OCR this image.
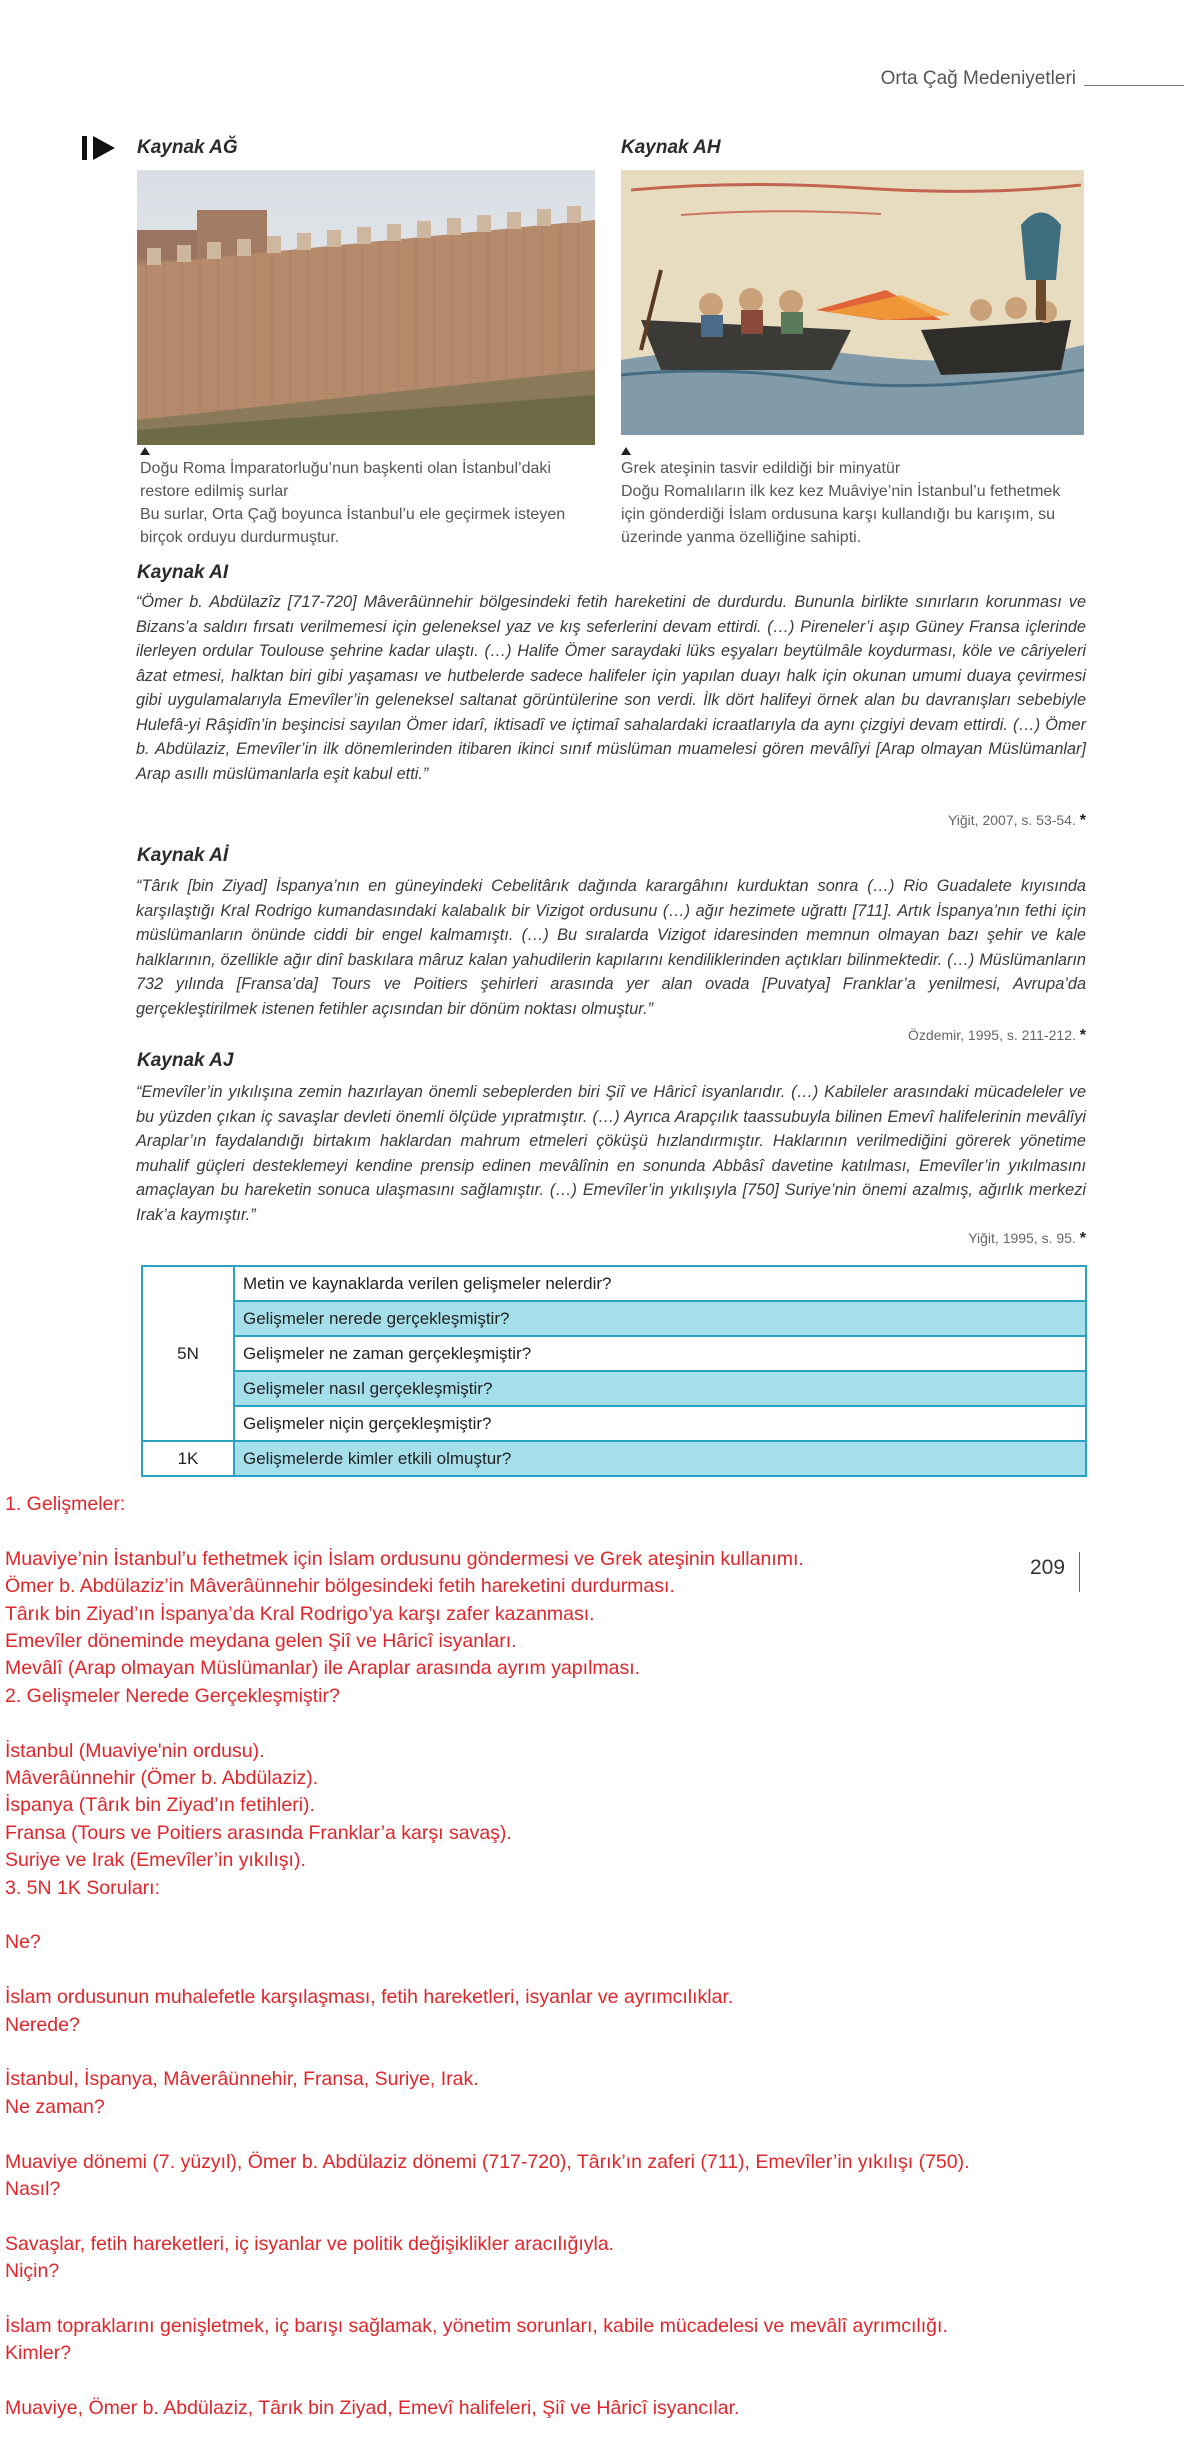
Orta Çağ Medeniyetleri
Kaynak AĞ
Doğu Roma İmparatorluğu’nun başkenti olan İstanbul’daki
restore edilmiş surlar
Bu surlar, Orta Çağ boyunca İstanbul’u ele geçirmek isteyen
birçok orduyu durdurmuştur.
Kaynak AH
Grek ateşinin tasvir edildiği bir minyatür
Doğu Romalıların ilk kez kez Muâviye’nin İstanbul’u fethetmek
için gönderdiği İslam ordusuna karşı kullandığı bu karışım, su
üzerinde yanma özelliğine sahipti.
Kaynak AI
“Ömer b. Abdülazîz [717-720] Mâverâünnehir bölgesindeki fetih hareketini de durdurdu. Bununla birlikte sınırların korunması ve Bizans’a saldırı fırsatı verilmemesi için geleneksel yaz ve kış seferlerini devam ettirdi. (…) Pireneler’i aşıp Güney Fransa içlerinde ilerleyen ordular Toulouse şehrine kadar ulaştı. (…) Halife Ömer saraydaki lüks eşyaları beytülmâle koydurması, köle ve câriyeleri âzat etmesi, halktan biri gibi yaşaması ve hutbelerde sadece halifeler için yapılan duayı halk için okunan umumi duaya çevirmesi gibi uygulamalarıyla Emevîler’in geleneksel saltanat görüntülerine son verdi. İlk dört halifeyi örnek alan bu davranışları sebebiyle Hulefâ-yi Râşidîn’in beşincisi sayılan Ömer idarî, iktisadî ve içtimaî sahalardaki icraatlarıyla da aynı çizgiyi devam ettirdi. (…) Ömer b. Abdülaziz, Emevîler’in ilk dönemlerinden itibaren ikinci sınıf müslüman muamelesi gören mevâlîyi [Arap olmayan Müslümanlar] Arap asıllı müslümanlarla eşit kabul etti.”
Yiğit, 2007, s. 53-54. *
Kaynak Aİ
“Târık [bin Ziyad] İspanya’nın en güneyindeki Cebelitârık dağında karargâhını kurduktan sonra (…) Rio Guadalete kıyısında karşılaştığı Kral Rodrigo kumandasındaki kalabalık bir Vizigot ordusunu (…) ağır hezimete uğrattı [711]. Artık İspanya’nın fethi için müslümanların önünde ciddi bir engel kalmamıştı. (…) Bu sıralarda Vizigot idaresinden memnun olmayan bazı şehir ve kale halklarının, özellikle ağır dinî baskılara mâruz kalan yahudilerin kapılarını kendiliklerinden açtıkları bilinmektedir. (…) Müslümanların 732 yılında [Fransa’da] Tours ve Poitiers şehirleri arasında yer alan ovada [Puvatya] Franklar’a yenilmesi, Avrupa’da gerçekleştirilmek istenen fetihler açısından bir dönüm noktası olmuştur.”
Özdemir, 1995, s. 211-212. *
Kaynak AJ
“Emevîler’in yıkılışına zemin hazırlayan önemli sebeplerden biri Şiî ve Hâricî isyanlarıdır. (…) Kabileler arasındaki mücadeleler ve bu yüzden çıkan iç savaşlar devleti önemli ölçüde yıpratmıştır. (…) Ayrıca Arapçılık taassubuyla bilinen Emevî halifelerinin mevâlîyi Araplar’ın faydalandığı birtakım haklardan mahrum etmeleri çöküşü hızlandırmıştır. Haklarının verilmediğini görerek yönetime muhalif güçleri desteklemeyi kendine prensip edinen mevâlînin en sonunda Abbâsî davetine katılması, Emevîler’in yıkılmasını amaçlayan bu hareketin sonuca ulaşmasını sağlamıştır. (…) Emevîler’in yıkılışıyla [750] Suriye’nin önemi azalmış, ağırlık merkezi Irak’a kaymıştır.”
Yiğit, 1995, s. 95. *
5N	Metin ve kaynaklarda verilen gelişmeler nelerdir?
	Gelişmeler nerede gerçekleşmiştir?
	Gelişmeler ne zaman gerçekleşmiştir?
	Gelişmeler nasıl gerçekleşmiştir?
	Gelişmeler niçin gerçekleşmiştir?
1K	Gelişmelerde kimler etkili olmuştur?
209
1. Gelişmeler:
Muaviye’nin İstanbul’u fethetmek için İslam ordusunu göndermesi ve Grek ateşinin kullanımı.
Ömer b. Abdülaziz’in Mâverâünnehir bölgesindeki fetih hareketini durdurması.
Târık bin Ziyad’ın İspanya’da Kral Rodrigo’ya karşı zafer kazanması.
Emevîler döneminde meydana gelen Şiî ve Hâricî isyanları.
Mevâlî (Arap olmayan Müslümanlar) ile Araplar arasında ayrım yapılması.
2. Gelişmeler Nerede Gerçekleşmiştir?
İstanbul (Muaviye'nin ordusu).
Mâverâünnehir (Ömer b. Abdülaziz).
İspanya (Târık bin Ziyad’ın fetihleri).
Fransa (Tours ve Poitiers arasında Franklar’a karşı savaş).
Suriye ve Irak (Emevîler’in yıkılışı).
3. 5N 1K Soruları:
Ne?
İslam ordusunun muhalefetle karşılaşması, fetih hareketleri, isyanlar ve ayrımcılıklar.
Nerede?
İstanbul, İspanya, Mâverâünnehir, Fransa, Suriye, Irak.
Ne zaman?
Muaviye dönemi (7. yüzyıl), Ömer b. Abdülaziz dönemi (717-720), Târık’ın zaferi (711), Emevîler’in yıkılışı (750).
Nasıl?
Savaşlar, fetih hareketleri, iç isyanlar ve politik değişiklikler aracılığıyla.
Niçin?
İslam topraklarını genişletmek, iç barışı sağlamak, yönetim sorunları, kabile mücadelesi ve mevâlî ayrımcılığı.
Kimler?
Muaviye, Ömer b. Abdülaziz, Târık bin Ziyad, Emevî halifeleri, Şiî ve Hâricî isyancılar.
